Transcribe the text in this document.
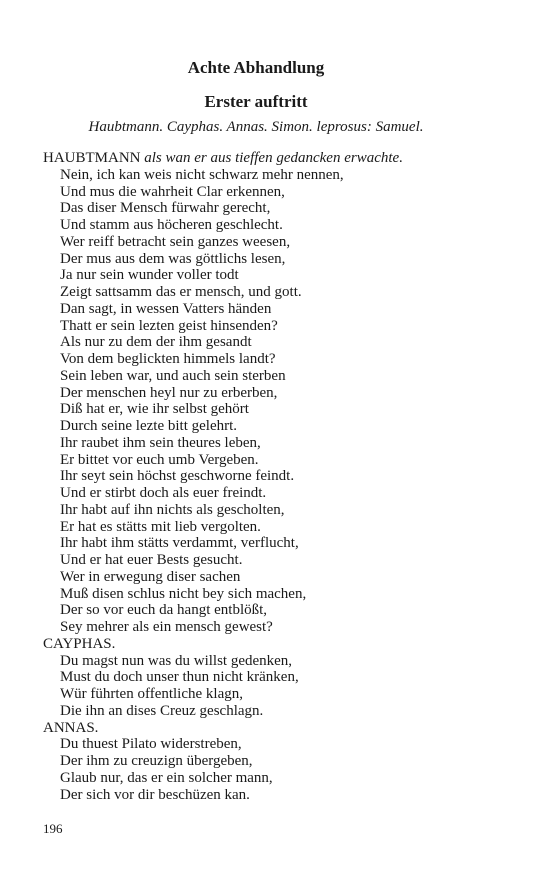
Achte Abhandlung
Erster auftritt
Haubtmann. Cayphas. Annas. Simon. leprosus: Samuel.
HAUBTMANN als wan er aus tieffen gedancken erwachte.
Nein, ich kan weis nicht schwarz mehr nennen,
Und mus die wahrheit Clar erkennen,
Das diser Mensch fürwahr gerecht,
Und stamm aus höcheren geschlecht.
Wer reiff betracht sein ganzes weesen,
Der mus aus dem was göttlichs lesen,
Ja nur sein wunder voller todt
Zeigt sattsamm das er mensch, und gott.
Dan sagt, in wessen Vatters händen
Thatt er sein lezten geist hinsenden?
Als nur zu dem der ihm gesandt
Von dem beglickten himmels landt?
Sein leben war, und auch sein sterben
Der menschen heyl nur zu erberben,
Diß hat er, wie ihr selbst gehört
Durch seine lezte bitt gelehrt.
Ihr raubet ihm sein theures leben,
Er bittet vor euch umb Vergeben.
Ihr seyt sein höchst geschworne feindt.
Und er stirbt doch als euer freindt.
Ihr habt auf ihn nichts als gescholten,
Er hat es stätts mit lieb vergolten.
Ihr habt ihm stätts verdammt, verflucht,
Und er hat euer Bests gesucht.
Wer in erwegung diser sachen
Muß disen schlus nicht bey sich machen,
Der so vor euch da hangt entblößt,
Sey mehrer als ein mensch gewest?
CAYPHAS.
Du magst nun was du willst gedenken,
Must du doch unser thun nicht kränken,
Wür führten offentliche klagn,
Die ihn an dises Creuz geschlagn.
ANNAS.
Du thuest Pilato widerstreben,
Der ihm zu creuzign übergeben,
Glaub nur, das er ein solcher mann,
Der sich vor dir beschüzen kan.
196
